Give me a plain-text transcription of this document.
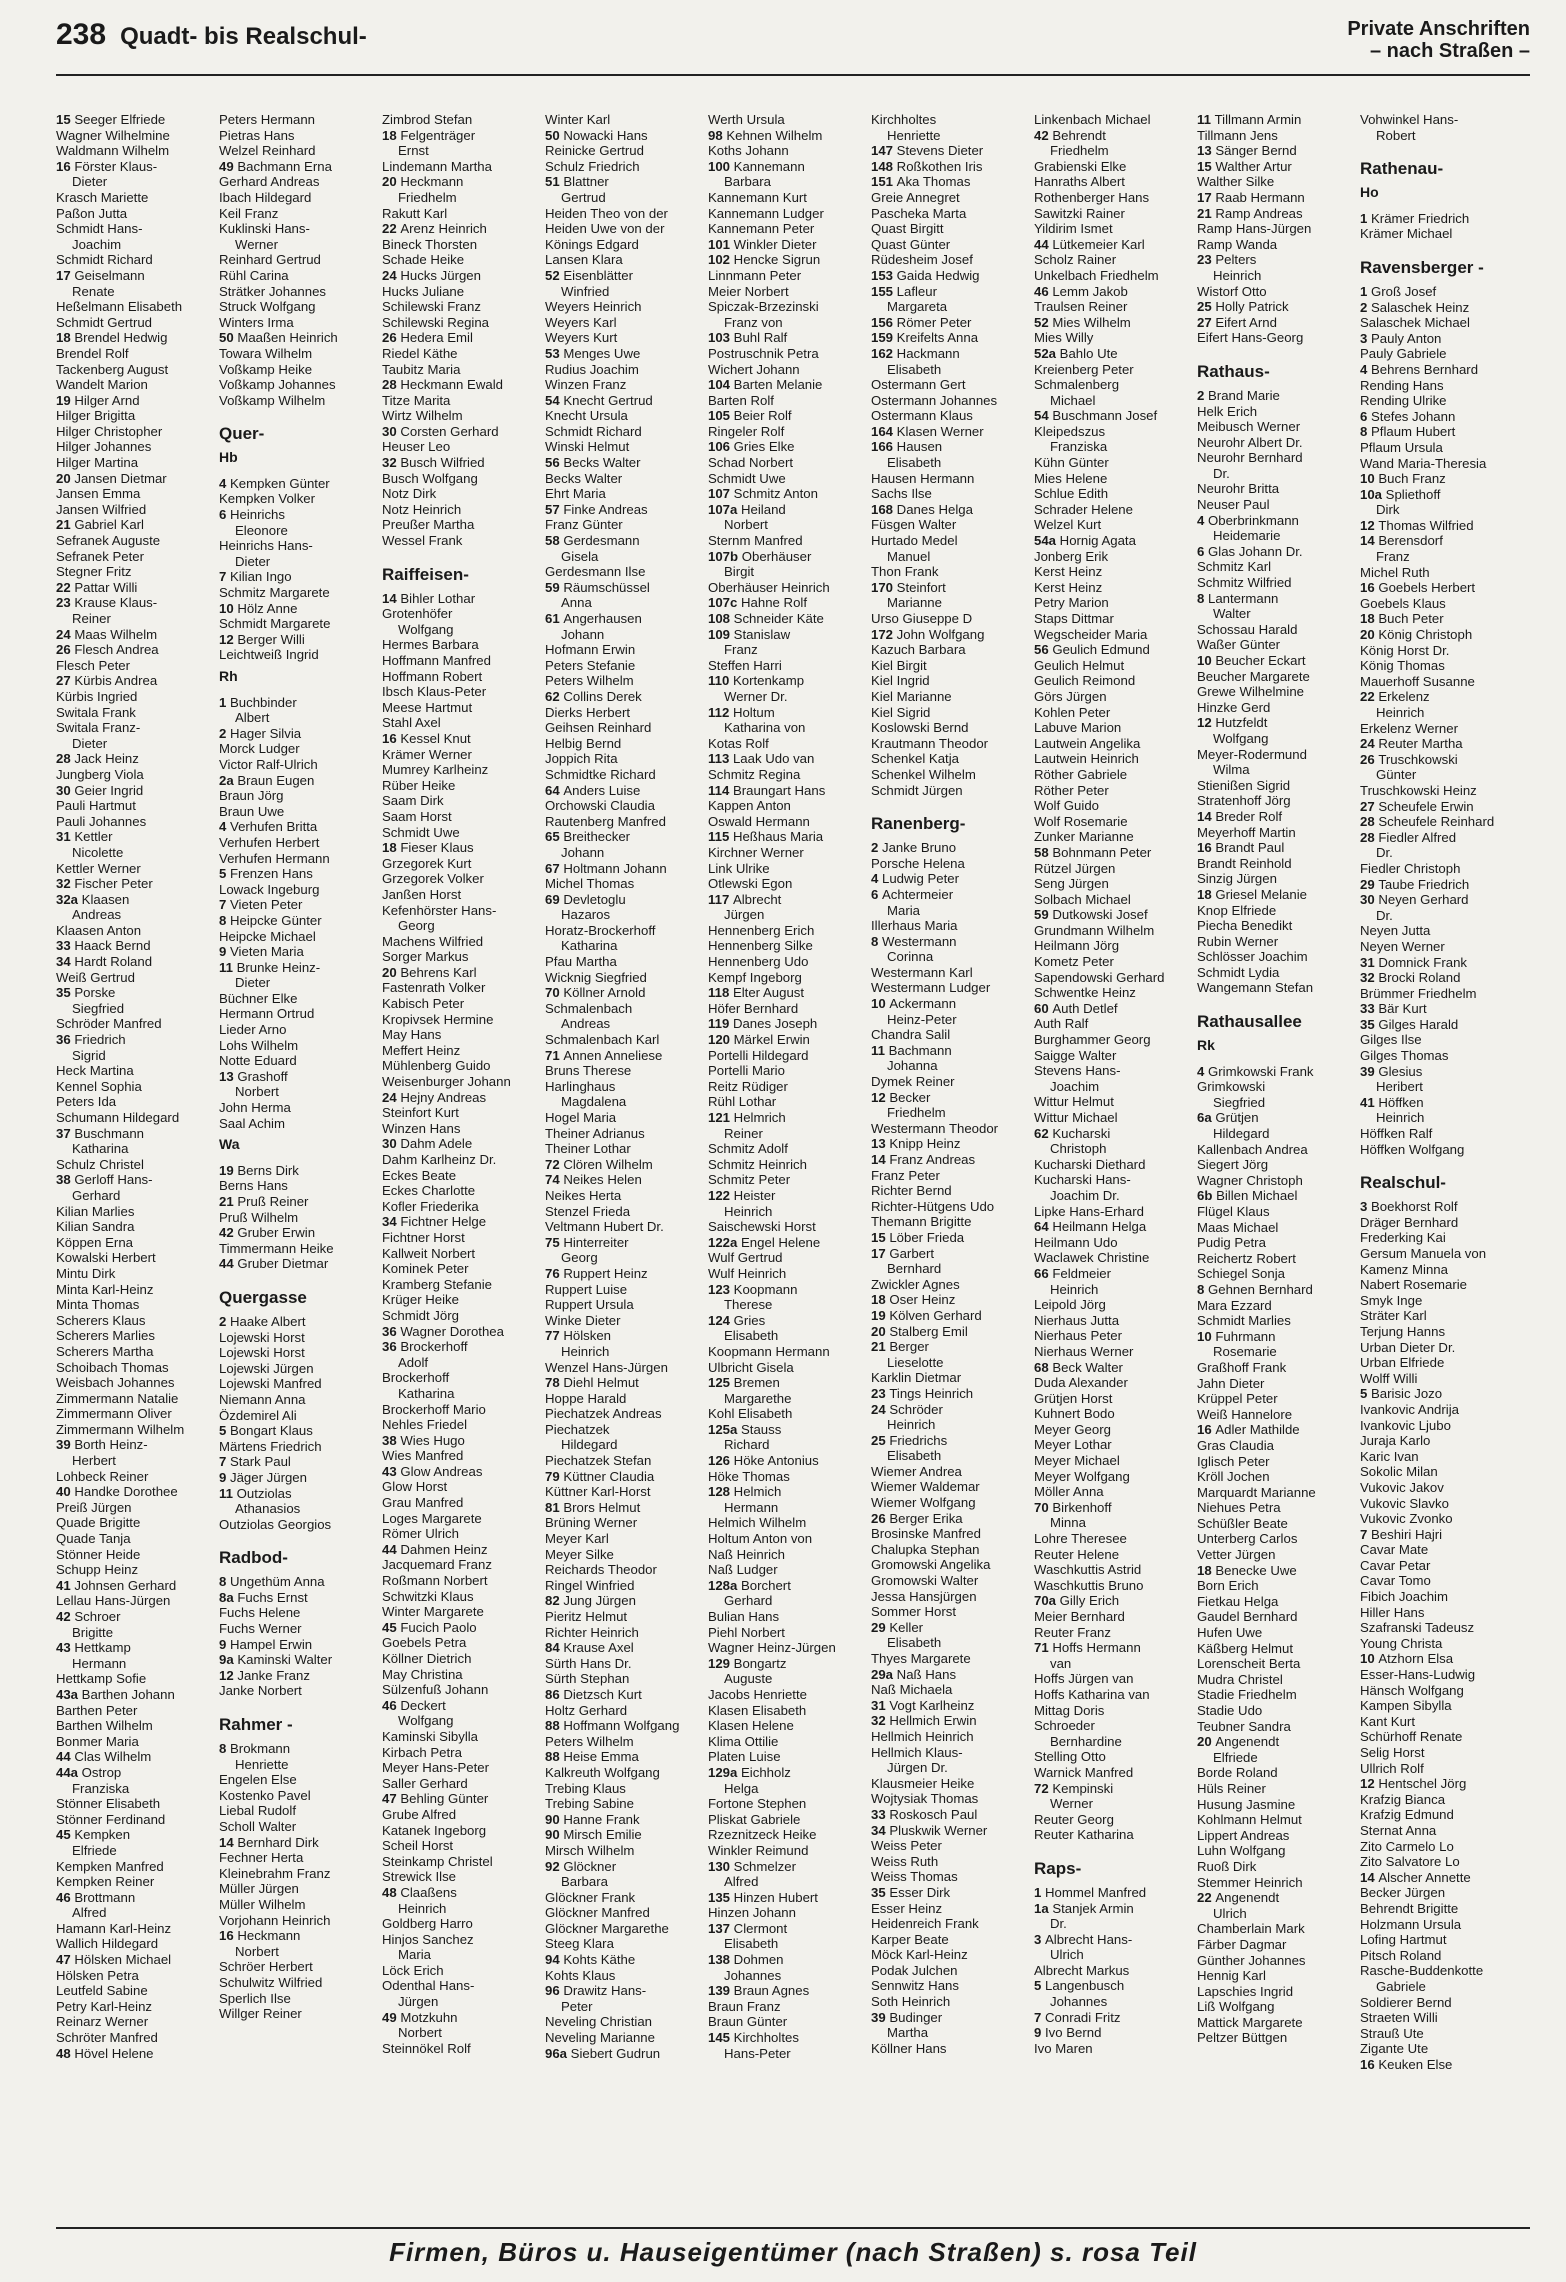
238 Quadt- bis Realschul-	Private Anschriften
– nach Straßen –
15 Seeger Elfriede
Wagner Wilhelmine
Waldmann Wilhelm
16 Förster Klaus-
Dieter
Krasch Mariette
Paßon Jutta
Schmidt Hans-
Joachim
Schmidt Richard
17 Geiselmann
Renate
Heßelmann Elisabeth
Schmidt Gertrud
18 Brendel Hedwig
Brendel Rolf
Tackenberg August
Wandelt Marion
19 Hilger Arnd
Hilger Brigitta
Hilger Christopher
Hilger Johannes
Hilger Martina
20 Jansen Dietmar
Jansen Emma
Jansen Wilfried
21 Gabriel Karl
Sefranek Auguste
Sefranek Peter
Stegner Fritz
22 Pattar Willi
23 Krause Klaus-
Reiner
24 Maas Wilhelm
26 Flesch Andrea
Flesch Peter
27 Kürbis Andrea
Kürbis Ingried
Switala Frank
Switala Franz-
Dieter
28 Jack Heinz
Jungberg Viola
30 Geier Ingrid
Pauli Hartmut
Pauli Johannes
31 Kettler
Nicolette
Kettler Werner
32 Fischer Peter
32a Klaasen
Andreas
Klaasen Anton
33 Haack Bernd
34 Hardt Roland
Weiß Gertrud
35 Porske
Siegfried
Schröder Manfred
36 Friedrich
Sigrid
Heck Martina
Kennel Sophia
Peters Ida
Schumann Hildegard
37 Buschmann
Katharina
Schulz Christel
38 Gerloff Hans-
Gerhard
Kilian Marlies
Kilian Sandra
Köppen Erna
Kowalski Herbert
Mintu Dirk
Minta Karl-Heinz
Minta Thomas
Scherers Klaus
Scherers Marlies
Scherers Martha
Schoibach Thomas
Weisbach Johannes
Zimmermann Natalie
Zimmermann Oliver
Zimmermann Wilhelm
39 Borth Heinz-
Herbert
Lohbeck Reiner
40 Handke Dorothee
Preiß Jürgen
Quade Brigitte
Quade Tanja
Stönner Heide
Schupp Heinz
41 Johnsen Gerhard
Lellau Hans-Jürgen
42 Schroer
Brigitte
43 Hettkamp
Hermann
Hettkamp Sofie
43a Barthen Johann
Barthen Peter
Barthen Wilhelm
Bonmer Maria
44 Clas Wilhelm
44a Ostrop
Franziska
Stönner Elisabeth
Stönner Ferdinand
45 Kempken
Elfriede
Kempken Manfred
Kempken Reiner
46 Brottmann
Alfred
Hamann Karl-Heinz
Wallich Hildegard
47 Hölsken Michael
Hölsken Petra
Leutfeld Sabine
Petry Karl-Heinz
Reinarz Werner
Schröter Manfred
48 Hövel Helene
Peters Hermann
Pietras Hans
Welzel Reinhard
49 Bachmann Erna
Gerhard Andreas
Ibach Hildegard
Keil Franz
Kuklinski Hans-
Werner
Reinhard Gertrud
Rühl Carina
Strätker Johannes
Struck Wolfgang
Winters Irma
50 Maaßen Heinrich
Towara Wilhelm
Voßkamp Heike
Voßkamp Johannes
Voßkamp Wilhelm
Quer-
Hb
4 Kempken Günter
Kempken Volker
6 Heinrichs
Eleonore
Heinrichs Hans-
Dieter
7 Kilian Ingo
Schmitz Margarete
10 Hölz Anne
Schmidt Margarete
12 Berger Willi
Leichtweiß Ingrid
Rh
1 Buchbinder
Albert
2 Hager Silvia
Morck Ludger
Victor Ralf-Ulrich
2a Braun Eugen
Braun Jörg
Braun Uwe
4 Verhufen Britta
Verhufen Herbert
Verhufen Hermann
5 Frenzen Hans
Lowack Ingeburg
7 Vieten Peter
8 Heipcke Günter
Heipcke Michael
9 Vieten Maria
11 Brunke Heinz-
Dieter
Büchner Elke
Hermann Ortrud
Lieder Arno
Lohs Wilhelm
Notte Eduard
13 Grashoff
Norbert
John Herma
Saal Achim
Wa
19 Berns Dirk
Berns Hans
21 Pruß Reiner
Pruß Wilhelm
42 Gruber Erwin
Timmermann Heike
44 Gruber Dietmar
Quergasse
2 Haake Albert
Lojewski Horst
Lojewski Horst
Lojewski Jürgen
Lojewski Manfred
Niemann Anna
Özdemirel Ali
5 Bongart Klaus
Märtens Friedrich
7 Stark Paul
9 Jäger Jürgen
11 Outziolas
Athanasios
Outziolas Georgios
Radbod-
8 Ungethüm Anna
8a Fuchs Ernst
Fuchs Helene
Fuchs Werner
9 Hampel Erwin
9a Kaminski Walter
12 Janke Franz
Janke Norbert
Rahmer -
8 Brokmann
Henriette
Engelen Else
Kostenko Pavel
Liebal Rudolf
Scholl Walter
14 Bernhard Dirk
Fechner Herta
Kleinebrahm Franz
Müller Jürgen
Müller Wilhelm
Vorjohann Heinrich
16 Heckmann
Norbert
Schröer Herbert
Schulwitz Wilfried
Sperlich Ilse
Willger Reiner
Zimbrod Stefan
18 Felgenträger
Ernst
Lindemann Martha
20 Heckmann
Friedhelm
Rakutt Karl
22 Arenz Heinrich
Bineck Thorsten
Schade Heike
24 Hucks Jürgen
Hucks Juliane
Schilewski Franz
Schilewski Regina
26 Hedera Emil
Riedel Käthe
Taubitz Maria
28 Heckmann Ewald
Titze Marita
Wirtz Wilhelm
30 Corsten Gerhard
Heuser Leo
32 Busch Wilfried
Busch Wolfgang
Notz Dirk
Notz Heinrich
Preußer Martha
Wessel Frank
Raiffeisen-
14 Bihler Lothar
Grotenhöfer
Wolfgang
Hermes Barbara
Hoffmann Manfred
Hoffmann Robert
Ibsch Klaus-Peter
Meese Hartmut
Stahl Axel
16 Kessel Knut
Krämer Werner
Mumrey Karlheinz
Rüber Heike
Saam Dirk
Saam Horst
Schmidt Uwe
18 Fieser Klaus
Grzegorek Kurt
Grzegorek Volker
Janßen Horst
Kefenhörster Hans-
Georg
Machens Wilfried
Sorger Markus
20 Behrens Karl
Fastenrath Volker
Kabisch Peter
Kropivsek Hermine
May Hans
Meffert Heinz
Mühlenberg Guido
Weisenburger Johann
24 Hejny Andreas
Steinfort Kurt
Winzen Hans
30 Dahm Adele
Dahm Karlheinz Dr.
Eckes Beate
Eckes Charlotte
Kofler Friederika
34 Fichtner Helge
Fichtner Horst
Kallweit Norbert
Kominek Peter
Kramberg Stefanie
Krüger Heike
Schmidt Jörg
36 Wagner Dorothea
36 Brockerhoff
Adolf
Brockerhoff
Katharina
Brockerhoff Mario
Nehles Friedel
38 Wies Hugo
Wies Manfred
43 Glow Andreas
Glow Horst
Grau Manfred
Loges Margarete
Römer Ulrich
44 Dahmen Heinz
Jacquemard Franz
Roßmann Norbert
Schwitzki Klaus
Winter Margarete
45 Fucich Paolo
Goebels Petra
Köllner Dietrich
May Christina
Sülzenfuß Johann
46 Deckert
Wolfgang
Kaminski Sibylla
Kirbach Petra
Meyer Hans-Peter
Saller Gerhard
47 Behling Günter
Grube Alfred
Katanek Ingeborg
Scheil Horst
Steinkamp Christel
Strewick Ilse
48 Claaßens
Heinrich
Goldberg Harro
Hinjos Sanchez
Maria
Löck Erich
Odenthal Hans-
Jürgen
49 Motzkuhn
Norbert
Steinnökel Rolf
Winter Karl
50 Nowacki Hans
Reinicke Gertrud
Schulz Friedrich
51 Blattner
Gertrud
Heiden Theo von der
Heiden Uwe von der
Könings Edgard
Lansen Klara
52 Eisenblätter
Winfried
Weyers Heinrich
Weyers Karl
Weyers Kurt
53 Menges Uwe
Rudius Joachim
Winzen Franz
54 Knecht Gertrud
Knecht Ursula
Schmidt Richard
Winski Helmut
56 Becks Walter
Becks Walter
Ehrt Maria
57 Finke Andreas
Franz Günter
58 Gerdesmann
Gisela
Gerdesmann Ilse
59 Räumschüssel
Anna
61 Angerhausen
Johann
Hofmann Erwin
Peters Stefanie
Peters Wilhelm
62 Collins Derek
Dierks Herbert
Geihsen Reinhard
Helbig Bernd
Joppich Rita
Schmidtke Richard
64 Anders Luise
Orchowski Claudia
Rautenberg Manfred
65 Breithecker
Johann
67 Holtmann Johann
Michel Thomas
69 Devletoglu
Hazaros
Horatz-Brockerhoff
Katharina
Pfau Martha
Wicknig Siegfried
70 Köllner Arnold
Schmalenbach
Andreas
Schmalenbach Karl
71 Annen Anneliese
Bruns Therese
Harlinghaus
Magdalena
Hogel Maria
Theiner Adrianus
Theiner Lothar
72 Clören Wilhelm
74 Neikes Helen
Neikes Herta
Stenzel Frieda
Veltmann Hubert Dr.
75 Hinterreiter
Georg
76 Ruppert Heinz
Ruppert Luise
Ruppert Ursula
Winke Dieter
77 Hölsken
Heinrich
Wenzel Hans-Jürgen
78 Diehl Helmut
Hoppe Harald
Piechatzek Andreas
Piechatzek
Hildegard
Piechatzek Stefan
79 Küttner Claudia
Küttner Karl-Horst
81 Brors Helmut
Brüning Werner
Meyer Karl
Meyer Silke
Reichards Theodor
Ringel Winfried
82 Jung Jürgen
Pieritz Helmut
Richter Heinrich
84 Krause Axel
Sürth Hans Dr.
Sürth Stephan
86 Dietzsch Kurt
Holtz Gerhard
88 Hoffmann Wolfgang
Peters Wilhelm
88 Heise Emma
Kalkreuth Wolfgang
Trebing Klaus
Trebing Sabine
90 Hanne Frank
90 Mirsch Emilie
Mirsch Wilhelm
92 Glöckner
Barbara
Glöckner Frank
Glöckner Manfred
Glöckner Margarethe
Steeg Klara
94 Kohts Käthe
Kohts Klaus
96 Drawitz Hans-
Peter
Neveling Christian
Neveling Marianne
96a Siebert Gudrun
Werth Ursula
98 Kehnen Wilhelm
Koths Johann
100 Kannemann
Barbara
Kannemann Kurt
Kannemann Ludger
Kannemann Peter
101 Winkler Dieter
102 Hencke Sigrun
Linnmann Peter
Meier Norbert
Spiczak-Brzezinski
Franz von
103 Buhl Ralf
Postruschnik Petra
Wichert Johann
104 Barten Melanie
Barten Rolf
105 Beier Rolf
Ringeler Rolf
106 Gries Elke
Schad Norbert
Schmidt Uwe
107 Schmitz Anton
107a Heiland
Norbert
Sternm Manfred
107b Oberhäuser
Birgit
Oberhäuser Heinrich
107c Hahne Rolf
108 Schneider Käte
109 Stanislaw
Franz
Steffen Harri
110 Kortenkamp
Werner Dr.
112 Holtum
Katharina von
Kotas Rolf
113 Laak Udo van
Schmitz Regina
114 Braungart Hans
Kappen Anton
Oswald Hermann
115 Heßhaus Maria
Kirchner Werner
Link Ulrike
Otlewski Egon
117 Albrecht
Jürgen
Hennenberg Erich
Hennenberg Silke
Hennenberg Udo
Kempf Ingeborg
118 Elter August
Höfer Bernhard
119 Danes Joseph
120 Märkel Erwin
Portelli Hildegard
Portelli Mario
Reitz Rüdiger
Rühl Lothar
121 Helmrich
Reiner
Schmitz Adolf
Schmitz Heinrich
Schmitz Peter
122 Heister
Heinrich
Saischewski Horst
122a Engel Helene
Wulf Gertrud
Wulf Heinrich
123 Koopmann
Therese
124 Gries
Elisabeth
Koopmann Hermann
Ulbricht Gisela
125 Bremen
Margarethe
Kohl Elisabeth
125a Stauss
Richard
126 Höke Antonius
Höke Thomas
128 Helmich
Hermann
Helmich Wilhelm
Holtum Anton von
Naß Heinrich
Naß Ludger
128a Borchert
Gerhard
Bulian Hans
Piehl Norbert
Wagner Heinz-Jürgen
129 Bongartz
Auguste
Jacobs Henriette
Klasen Elisabeth
Klasen Helene
Klima Ottilie
Platen Luise
129a Eichholz
Helga
Fortone Stephen
Pliskat Gabriele
Rzeznitzeck Heike
Winkler Reimund
130 Schmelzer
Alfred
135 Hinzen Hubert
Hinzen Johann
137 Clermont
Elisabeth
138 Dohmen
Johannes
139 Braun Agnes
Braun Franz
Braun Günter
145 Kirchholtes
Hans-Peter
Kirchholtes
Henriette
147 Stevens Dieter
148 Roßkothen Iris
151 Aka Thomas
Greie Annegret
Pascheka Marta
Quast Birgitt
Quast Günter
Rüdesheim Josef
153 Gaida Hedwig
155 Lafleur
Margareta
156 Römer Peter
159 Kreifelts Anna
162 Hackmann
Elisabeth
Ostermann Gert
Ostermann Johannes
Ostermann Klaus
164 Klasen Werner
166 Hausen
Elisabeth
Hausen Hermann
Sachs Ilse
168 Danes Helga
Füsgen Walter
Hurtado Medel
Manuel
Thon Frank
170 Steinfort
Marianne
Urso Giuseppe D
172 John Wolfgang
Kazuch Barbara
Kiel Birgit
Kiel Ingrid
Kiel Marianne
Kiel Sigrid
Koslowski Bernd
Krautmann Theodor
Schenkel Katja
Schenkel Wilhelm
Schmidt Jürgen
Ranenberg-
2 Janke Bruno
Porsche Helena
4 Ludwig Peter
6 Achtermeier
Maria
Illerhaus Maria
8 Westermann
Corinna
Westermann Karl
Westermann Ludger
10 Ackermann
Heinz-Peter
Chandra Salil
11 Bachmann
Johanna
Dymek Reiner
12 Becker
Friedhelm
Westermann Theodor
13 Knipp Heinz
14 Franz Andreas
Franz Peter
Richter Bernd
Richter-Hütgens Udo
Themann Brigitte
15 Löber Frieda
17 Garbert
Bernhard
Zwickler Agnes
18 Oser Heinz
19 Kölven Gerhard
20 Stalberg Emil
21 Berger
Lieselotte
Karklin Dietmar
23 Tings Heinrich
24 Schröder
Heinrich
25 Friedrichs
Elisabeth
Wiemer Andrea
Wiemer Waldemar
Wiemer Wolfgang
26 Berger Erika
Brosinske Manfred
Chalupka Stephan
Gromowski Angelika
Gromowski Walter
Jessa Hansjürgen
Sommer Horst
29 Keller
Elisabeth
Thyes Margarete
29a Naß Hans
Naß Michaela
31 Vogt Karlheinz
32 Hellmich Erwin
Hellmich Heinrich
Hellmich Klaus-
Jürgen Dr.
Klausmeier Heike
Wojtysiak Thomas
33 Roskosch Paul
34 Pluskwik Werner
Weiss Peter
Weiss Ruth
Weiss Thomas
35 Esser Dirk
Esser Heinz
Heidenreich Frank
Karper Beate
Möck Karl-Heinz
Podak Julchen
Sennwitz Hans
Soth Heinrich
39 Budinger
Martha
Köllner Hans
Linkenbach Michael
42 Behrendt
Friedhelm
Grabienski Elke
Hanraths Albert
Rothenberger Hans
Sawitzki Rainer
Yildirim Ismet
44 Lütkemeier Karl
Scholz Rainer
Unkelbach Friedhelm
46 Lemm Jakob
Traulsen Reiner
52 Mies Wilhelm
Mies Willy
52a Bahlo Ute
Kreienberg Peter
Schmalenberg
Michael
54 Buschmann Josef
Kleipedszus
Franziska
Kühn Günter
Mies Helene
Schlue Edith
Schrader Helene
Welzel Kurt
54a Hornig Agata
Jonberg Erik
Kerst Heinz
Kerst Heinz
Petry Marion
Staps Dittmar
Wegscheider Maria
56 Geulich Edmund
Geulich Helmut
Geulich Reimond
Görs Jürgen
Kohlen Peter
Labuve Marion
Lautwein Angelika
Lautwein Heinrich
Röther Gabriele
Röther Peter
Wolf Guido
Wolf Rosemarie
Zunker Marianne
58 Bohnmann Peter
Rützel Jürgen
Seng Jürgen
Solbach Michael
59 Dutkowski Josef
Grundmann Wilhelm
Heilmann Jörg
Kometz Peter
Sapendowski Gerhard
Schwentke Heinz
60 Auth Detlef
Auth Ralf
Burghammer Georg
Saigge Walter
Stevens Hans-
Joachim
Wittur Helmut
Wittur Michael
62 Kucharski
Christoph
Kucharski Diethard
Kucharski Hans-
Joachim Dr.
Lipke Hans-Erhard
64 Heilmann Helga
Heilmann Udo
Waclawek Christine
66 Feldmeier
Heinrich
Leipold Jörg
Nierhaus Jutta
Nierhaus Peter
Nierhaus Werner
68 Beck Walter
Duda Alexander
Grütjen Horst
Kuhnert Bodo
Meyer Georg
Meyer Lothar
Meyer Michael
Meyer Wolfgang
Möller Anna
70 Birkenhoff
Minna
Lohre Theresee
Reuter Helene
Waschkuttis Astrid
Waschkuttis Bruno
70a Gilly Erich
Meier Bernhard
Reuter Franz
71 Hoffs Hermann
van
Hoffs Jürgen van
Hoffs Katharina van
Mittag Doris
Schroeder
Bernhardine
Stelling Otto
Warnick Manfred
72 Kempinski
Werner
Reuter Georg
Reuter Katharina
Raps-
1 Hommel Manfred
1a Stanjek Armin
Dr.
3 Albrecht Hans-
Ulrich
Albrecht Markus
5 Langenbusch
Johannes
7 Conradi Fritz
9 Ivo Bernd
Ivo Maren
11 Tillmann Armin
Tillmann Jens
13 Sänger Bernd
15 Walther Artur
Walther Silke
17 Raab Hermann
21 Ramp Andreas
Ramp Hans-Jürgen
Ramp Wanda
23 Pelters
Heinrich
Wistorf Otto
25 Holly Patrick
27 Eifert Arnd
Eifert Hans-Georg
Rathaus-
2 Brand Marie
Helk Erich
Meibusch Werner
Neurohr Albert Dr.
Neurohr Bernhard
Dr.
Neurohr Britta
Neuser Paul
4 Oberbrinkmann
Heidemarie
6 Glas Johann Dr.
Schmitz Karl
Schmitz Wilfried
8 Lantermann
Walter
Schossau Harald
Waßer Günter
10 Beucher Eckart
Beucher Margarete
Grewe Wilhelmine
Hinzke Gerd
12 Hutzfeldt
Wolfgang
Meyer-Rodermund
Wilma
Stienißen Sigrid
Stratenhoff Jörg
14 Breder Rolf
Meyerhoff Martin
16 Brandt Paul
Brandt Reinhold
Sinzig Jürgen
18 Griesel Melanie
Knop Elfriede
Piecha Benedikt
Rubin Werner
Schlösser Joachim
Schmidt Lydia
Wangemann Stefan
Rathausallee
Rk
4 Grimkowski Frank
Grimkowski
Siegfried
6a Grütjen
Hildegard
Kallenbach Andrea
Siegert Jörg
Wagner Christoph
6b Billen Michael
Flügel Klaus
Maas Michael
Pudig Petra
Reichertz Robert
Schiegel Sonja
8 Gehnen Bernhard
Mara Ezzard
Schmidt Marlies
10 Fuhrmann
Rosemarie
Graßhoff Frank
Jahn Dieter
Krüppel Peter
Weiß Hannelore
16 Adler Mathilde
Gras Claudia
Iglisch Peter
Kröll Jochen
Marquardt Marianne
Niehues Petra
Schüßler Beate
Unterberg Carlos
Vetter Jürgen
18 Benecke Uwe
Born Erich
Fietkau Helga
Gaudel Bernhard
Hufen Uwe
Käßberg Helmut
Lorenscheit Berta
Mudra Christel
Stadie Friedhelm
Stadie Udo
Teubner Sandra
20 Angenendt
Elfriede
Borde Roland
Hüls Reiner
Husung Jasmine
Kohlmann Helmut
Lippert Andreas
Luhn Wolfgang
Ruoß Dirk
Stemmer Heinrich
22 Angenendt
Ulrich
Chamberlain Mark
Färber Dagmar
Günther Johannes
Hennig Karl
Lapschies Ingrid
Liß Wolfgang
Mattick Margarete
Peltzer Büttgen
Vohwinkel Hans-
Robert
Rathenau-
Ho
1 Krämer Friedrich
Krämer Michael
Ravensberger -
1 Groß Josef
2 Salaschek Heinz
Salaschek Michael
3 Pauly Anton
Pauly Gabriele
4 Behrens Bernhard
Rending Hans
Rending Ulrike
6 Stefes Johann
8 Pflaum Hubert
Pflaum Ursula
Wand Maria-Theresia
10 Buch Franz
10a Spliethoff
Dirk
12 Thomas Wilfried
14 Berensdorf
Franz
Michel Ruth
16 Goebels Herbert
Goebels Klaus
18 Buch Peter
20 König Christoph
König Horst Dr.
König Thomas
Mauerhoff Susanne
22 Erkelenz
Heinrich
Erkelenz Werner
24 Reuter Martha
26 Truschkowski
Günter
Truschkowski Heinz
27 Scheufele Erwin
28 Scheufele Reinhard
28 Fiedler Alfred
Dr.
Fiedler Christoph
29 Taube Friedrich
30 Neyen Gerhard
Dr.
Neyen Jutta
Neyen Werner
31 Domnick Frank
32 Brocki Roland
Brümmer Friedhelm
33 Bär Kurt
35 Gilges Harald
Gilges Ilse
Gilges Thomas
39 Glesius
Heribert
41 Höffken
Heinrich
Höffken Ralf
Höffken Wolfgang
Realschul-
3 Boekhorst Rolf
Dräger Bernhard
Frederking Kai
Gersum Manuela von
Kamenz Minna
Nabert Rosemarie
Smyk Inge
Sträter Karl
Terjung Hanns
Urban Dieter Dr.
Urban Elfriede
Wolff Willi
5 Barisic Jozo
Ivankovic Andrija
Ivankovic Ljubo
Juraja Karlo
Karic Ivan
Sokolic Milan
Vukovic Jakov
Vukovic Slavko
Vukovic Zvonko
7 Beshiri Hajri
Cavar Mate
Cavar Petar
Cavar Tomo
Fibich Joachim
Hiller Hans
Szafranski Tadeusz
Young Christa
10 Atzhorn Elsa
Esser-Hans-Ludwig
Hänsch Wolfgang
Kampen Sibylla
Kant Kurt
Schürhoff Renate
Selig Horst
Ullrich Rolf
12 Hentschel Jörg
Krafzig Bianca
Krafzig Edmund
Sternat Anna
Zito Carmelo Lo
Zito Salvatore Lo
14 Alscher Annette
Becker Jürgen
Behrendt Brigitte
Holzmann Ursula
Lofing Hartmut
Pitsch Roland
Rasche-Buddenkotte
Gabriele
Soldierer Bernd
Straeten Willi
Strauß Ute
Zigante Ute
16 Keuken Else
Firmen, Büros u. Hauseigentümer (nach Straßen) s. rosa Teil
